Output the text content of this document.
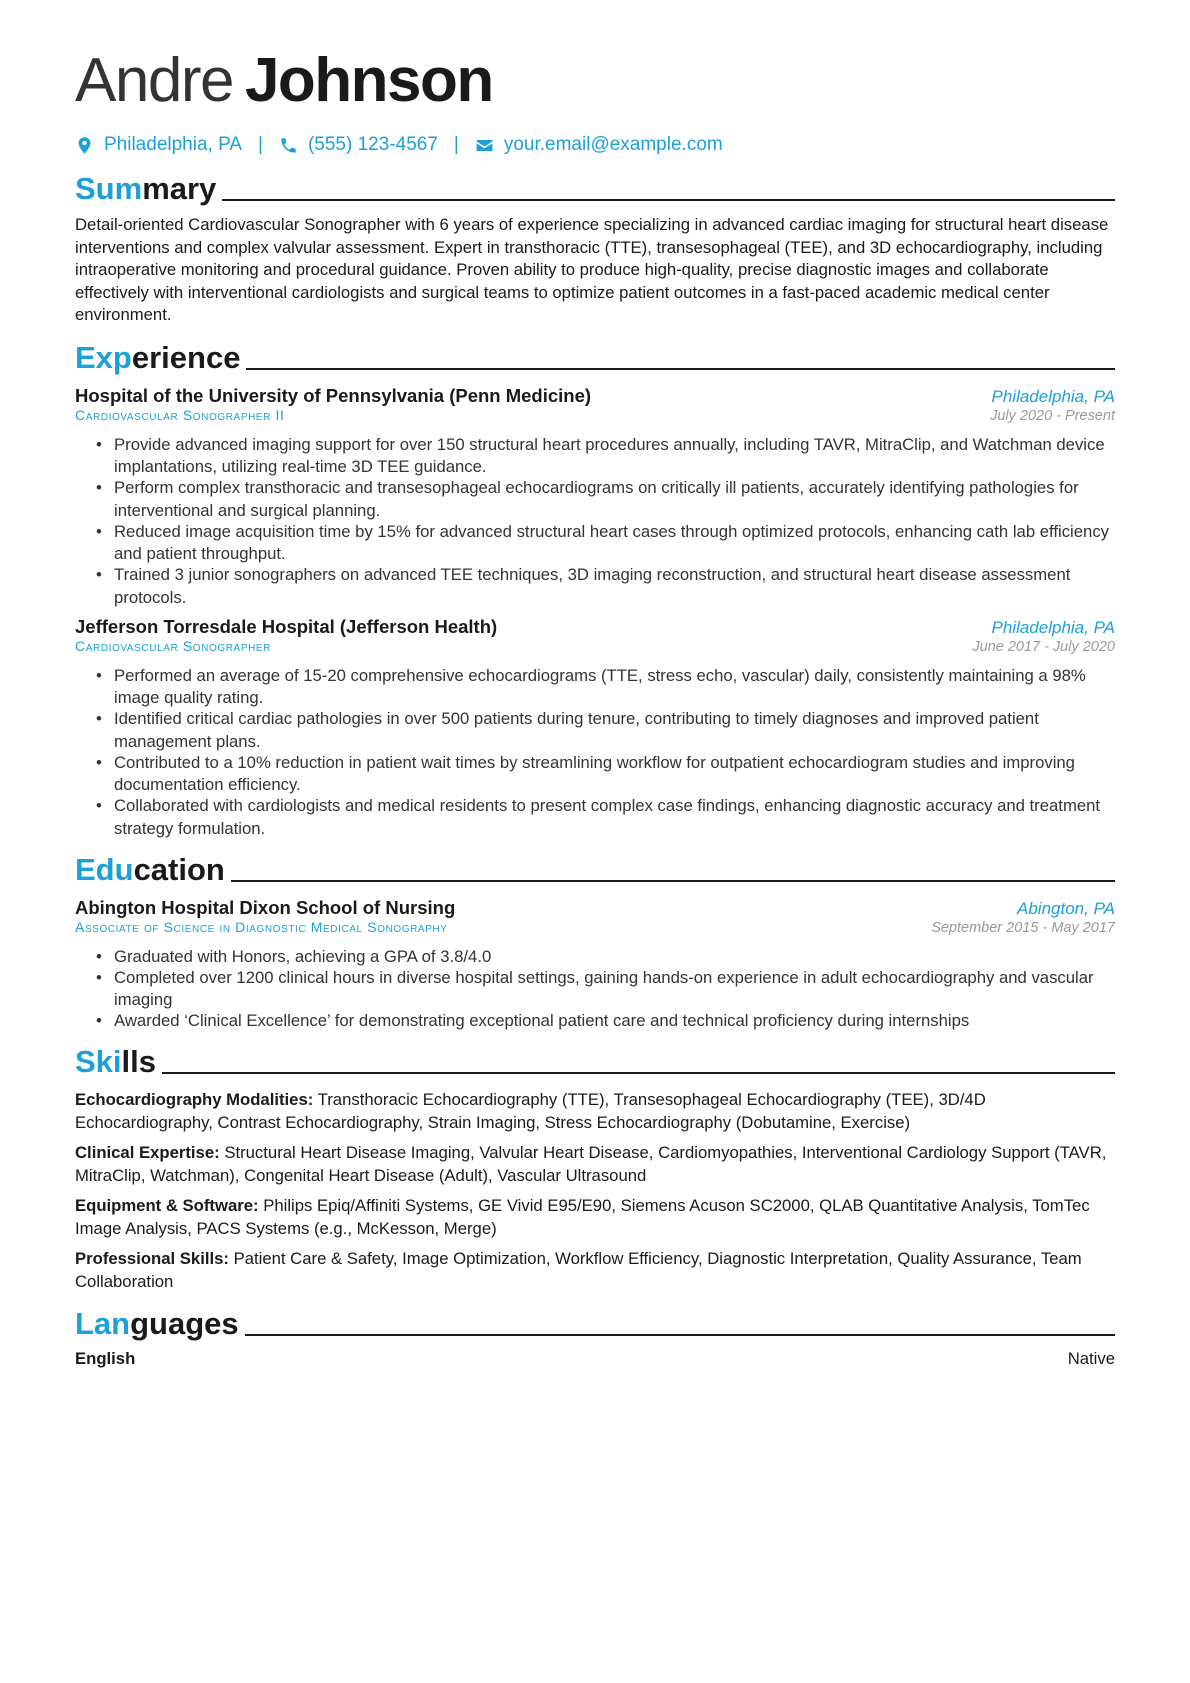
Andre Johnson
Philadelphia, PA | (555) 123-4567 | your.email@example.com
Summary

Detail-oriented Cardiovascular Sonographer with 6 years of experience specializing in advanced cardiac imaging for structural heart disease interventions and complex valvular assessment. Expert in transthoracic (TTE), transesophageal (TEE), and 3D echocardiography, including intraoperative monitoring and procedural guidance. Proven ability to produce high-quality, precise diagnostic images and collaborate effectively with interventional cardiologists and surgical teams to optimize patient outcomes in a fast-paced academic medical center environment.

Experience
Hospital of the University of Pennsylvania (Penn Medicine)	Philadelphia, PA
Cardiovascular Sonographer II	July 2020 - Present
• Provide advanced imaging support for over 150 structural heart procedures annually, including TAVR, MitraClip, and Watchman device implantations, utilizing real-time 3D TEE guidance.
• Perform complex transthoracic and transesophageal echocardiograms on critically ill patients, accurately identifying pathologies for interventional and surgical planning.
• Reduced image acquisition time by 15% for advanced structural heart cases through optimized protocols, enhancing cath lab efficiency and patient throughput.
• Trained 3 junior sonographers on advanced TEE techniques, 3D imaging reconstruction, and structural heart disease assessment protocols.
Jefferson Torresdale Hospital (Jefferson Health)	Philadelphia, PA
Cardiovascular Sonographer	June 2017 - July 2020
• Performed an average of 15-20 comprehensive echocardiograms (TTE, stress echo, vascular) daily, consistently maintaining a 98% image quality rating.
• Identified critical cardiac pathologies in over 500 patients during tenure, contributing to timely diagnoses and improved patient management plans.
• Contributed to a 10% reduction in patient wait times by streamlining workflow for outpatient echocardiogram studies and improving documentation efficiency.
• Collaborated with cardiologists and medical residents to present complex case findings, enhancing diagnostic accuracy and treatment strategy formulation.
Education
Abington Hospital Dixon School of Nursing	Abington, PA
Associate of Science in Diagnostic Medical Sonography	September 2015 - May 2017
• Graduated with Honors, achieving a GPA of 3.8/4.0
• Completed over 1200 clinical hours in diverse hospital settings, gaining hands-on experience in adult echocardiography and vascular imaging
• Awarded ‘Clinical Excellence’ for demonstrating exceptional patient care and technical proficiency during internships
Skills

Echocardiography Modalities: Transthoracic Echocardiography (TTE), Transesophageal Echocardiography (TEE), 3D/4D Echocardiography, Contrast Echocardiography, Strain Imaging, Stress Echocardiography (Dobutamine, Exercise)

Clinical Expertise: Structural Heart Disease Imaging, Valvular Heart Disease, Cardiomyopathies, Interventional Cardiology Support (TAVR, MitraClip, Watchman), Congenital Heart Disease (Adult), Vascular Ultrasound

Equipment & Software: Philips Epiq/Affiniti Systems, GE Vivid E95/E90, Siemens Acuson SC2000, QLAB Quantitative Analysis, TomTec Image Analysis, PACS Systems (e.g., McKesson, Merge)

Professional Skills: Patient Care & Safety, Image Optimization, Workflow Efficiency, Diagnostic Interpretation, Quality Assurance, Team Collaboration

Languages
English	Native
